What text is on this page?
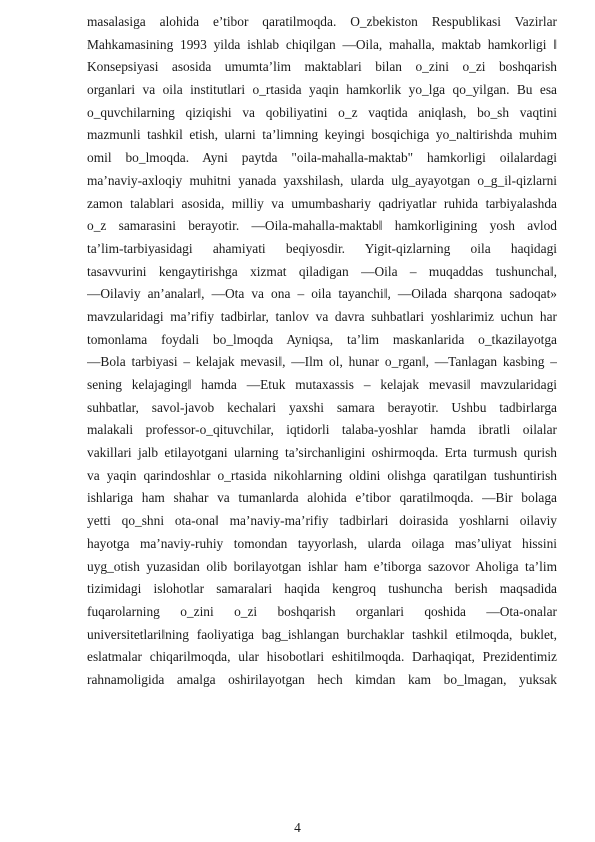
masalasiga alohida e’tibor qaratilmoqda. O_zbekiston Respublikasi Vazirlar
Mahkamasining 1993 yilda ishlab chiqilgan ―Oila, mahalla, maktab hamkorligi ‖
Konsepsiyasi asosida umumta’lim maktablari bilan o_zini o_zi boshqarish
organlari va oila institutlari o_rtasida yaqin hamkorlik yo_lga qo_yilgan. Bu esa
o_quvchilarning qiziqishi va qobiliyatini o_z vaqtida aniqlash, bo_sh vaqtini
mazmunli tashkil etish, ularni ta’limning keyingi bosqichiga yo_naltirishda muhim
omil bo_lmoqda. Ayni paytda "oila-mahalla-maktab" hamkorligi oilalardagi
ma’naviy-axloqiy muhitni yanada yaxshilash, ularda ulg_ayayotgan o_g_il-qizlarni
zamon talablari asosida, milliy va umumbashariy qadriyatlar ruhida tarbiyalashda
o_z samarasini berayotir. ―Oila-mahalla-maktab‖ hamkorligining yosh avlod
ta’lim-tarbiyasidagi ahamiyati beqiyosdir. Yigit-qizlarning oila haqidagi
tasavvurini kengaytirishga xizmat qiladigan ―Oila – muqaddas tushuncha‖,
―Oilaviy an’analar‖, ―Ota va ona – oila tayanchi‖, ―Oilada sharqona sadoqat»
mavzularidagi ma’rifiy tadbirlar, tanlov va davra suhbatlari yoshlarimiz uchun har
tomonlama foydali bo_lmoqda Ayniqsa, ta’lim maskanlarida o_tkazilayotga
―Bola tarbiyasi – kelajak mevasi‖, ―Ilm ol, hunar o_rgan‖, ―Tanlagan kasbing –
sening kelajaging‖ hamda ―Etuk mutaxassis – kelajak mevasi‖ mavzularidagi
suhbatlar, savol-javob kechalari yaxshi samara berayotir. Ushbu tadbirlarga
malakali professor-o_qituvchilar, iqtidorli talaba-yoshlar hamda ibratli oilalar
vakillari jalb etilayotgani ularning ta’sirchanligini oshirmoqda. Erta turmush qurish
va yaqin qarindoshlar o_rtasida nikohlarning oldini olishga qaratilgan tushuntirish
ishlariga ham shahar va tumanlarda alohida e’tibor qaratilmoqda. ―Bir bolaga
yetti qo_shni ota-ona‖ ma’naviy-ma’rifiy tadbirlari doirasida yoshlarni oilaviy
hayotga ma’naviy-ruhiy tomondan tayyorlash, ularda oilaga mas’uliyat hissini
uyg_otish yuzasidan olib borilayotgan ishlar ham e’tiborga sazovor Aholiga ta’lim
tizimidagi islohotlar samaralari haqida kengroq tushuncha berish maqsadida
fuqarolarning o_zini o_zi boshqarish organlari qoshida ―Ota-onalar
universitetlari‖ning faoliyatiga bag_ishlangan burchaklar tashkil etilmoqda, buklet,
eslatmalar chiqarilmoqda, ular hisobotlari eshitilmoqda. Darhaqiqat, Prezidentimiz
rahnamoligida amalga oshirilayotgan hech kimdan kam bo_lmagan, yuksak
4
